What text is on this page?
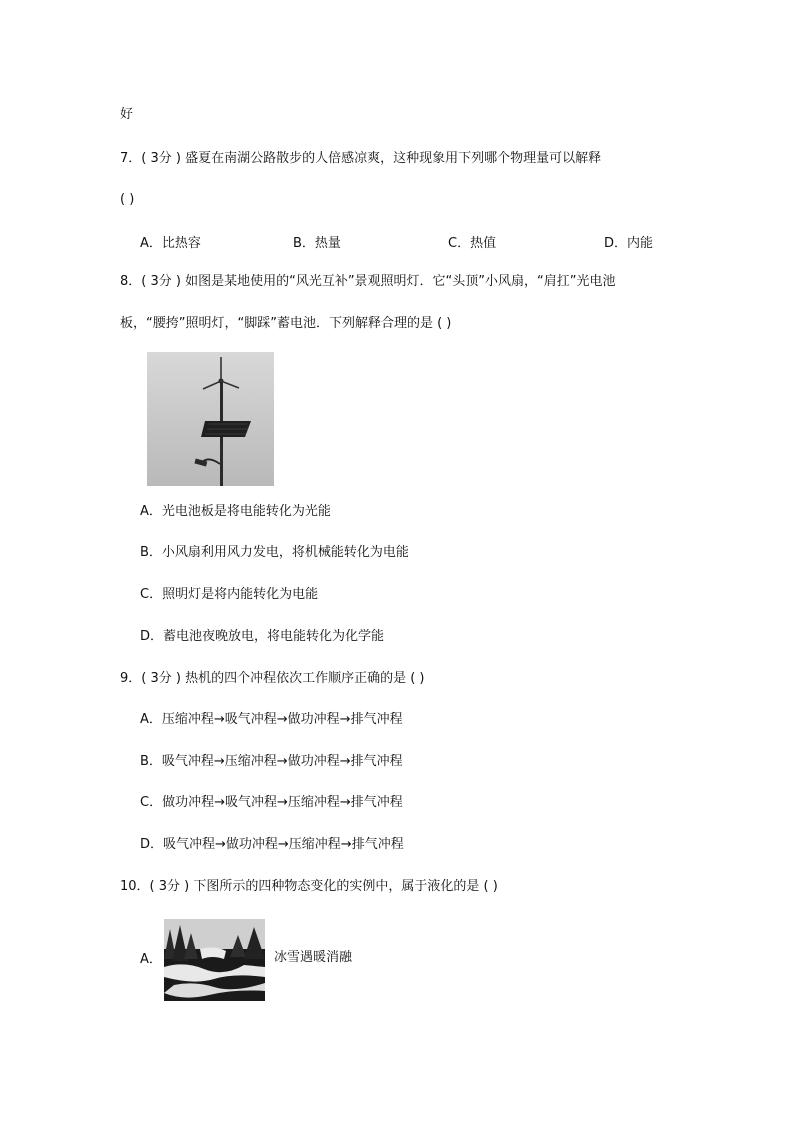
好
7．( 3分 ) 盛夏在南湖公路散步的人倍感凉爽，这种现象用下列哪个物理量可以解释
( )
A．比热容	B．热量	C．热值	D．内能
8．( 3分 ) 如图是某地使用的“风光互补”景观照明灯．它“头顶”小风扇，“肩扛”光电池
板，“腰挎”照明灯，“脚踩”蓄电池．下列解释合理的是 ( )
A．光电池板是将电能转化为光能
B．小风扇利用风力发电，将机械能转化为电能
C．照明灯是将内能转化为电能
D．蓄电池夜晚放电，将电能转化为化学能
9．( 3分 ) 热机的四个冲程依次工作顺序正确的是 ( )
A．压缩冲程→吸气冲程→做功冲程→排气冲程
B．吸气冲程→压缩冲程→做功冲程→排气冲程
C．做功冲程→吸气冲程→压缩冲程→排气冲程
D．吸气冲程→做功冲程→压缩冲程→排气冲程
10．( 3分 ) 下图所示的四种物态变化的实例中，属于液化的是 ( )
A．	冰雪遇暖消融
